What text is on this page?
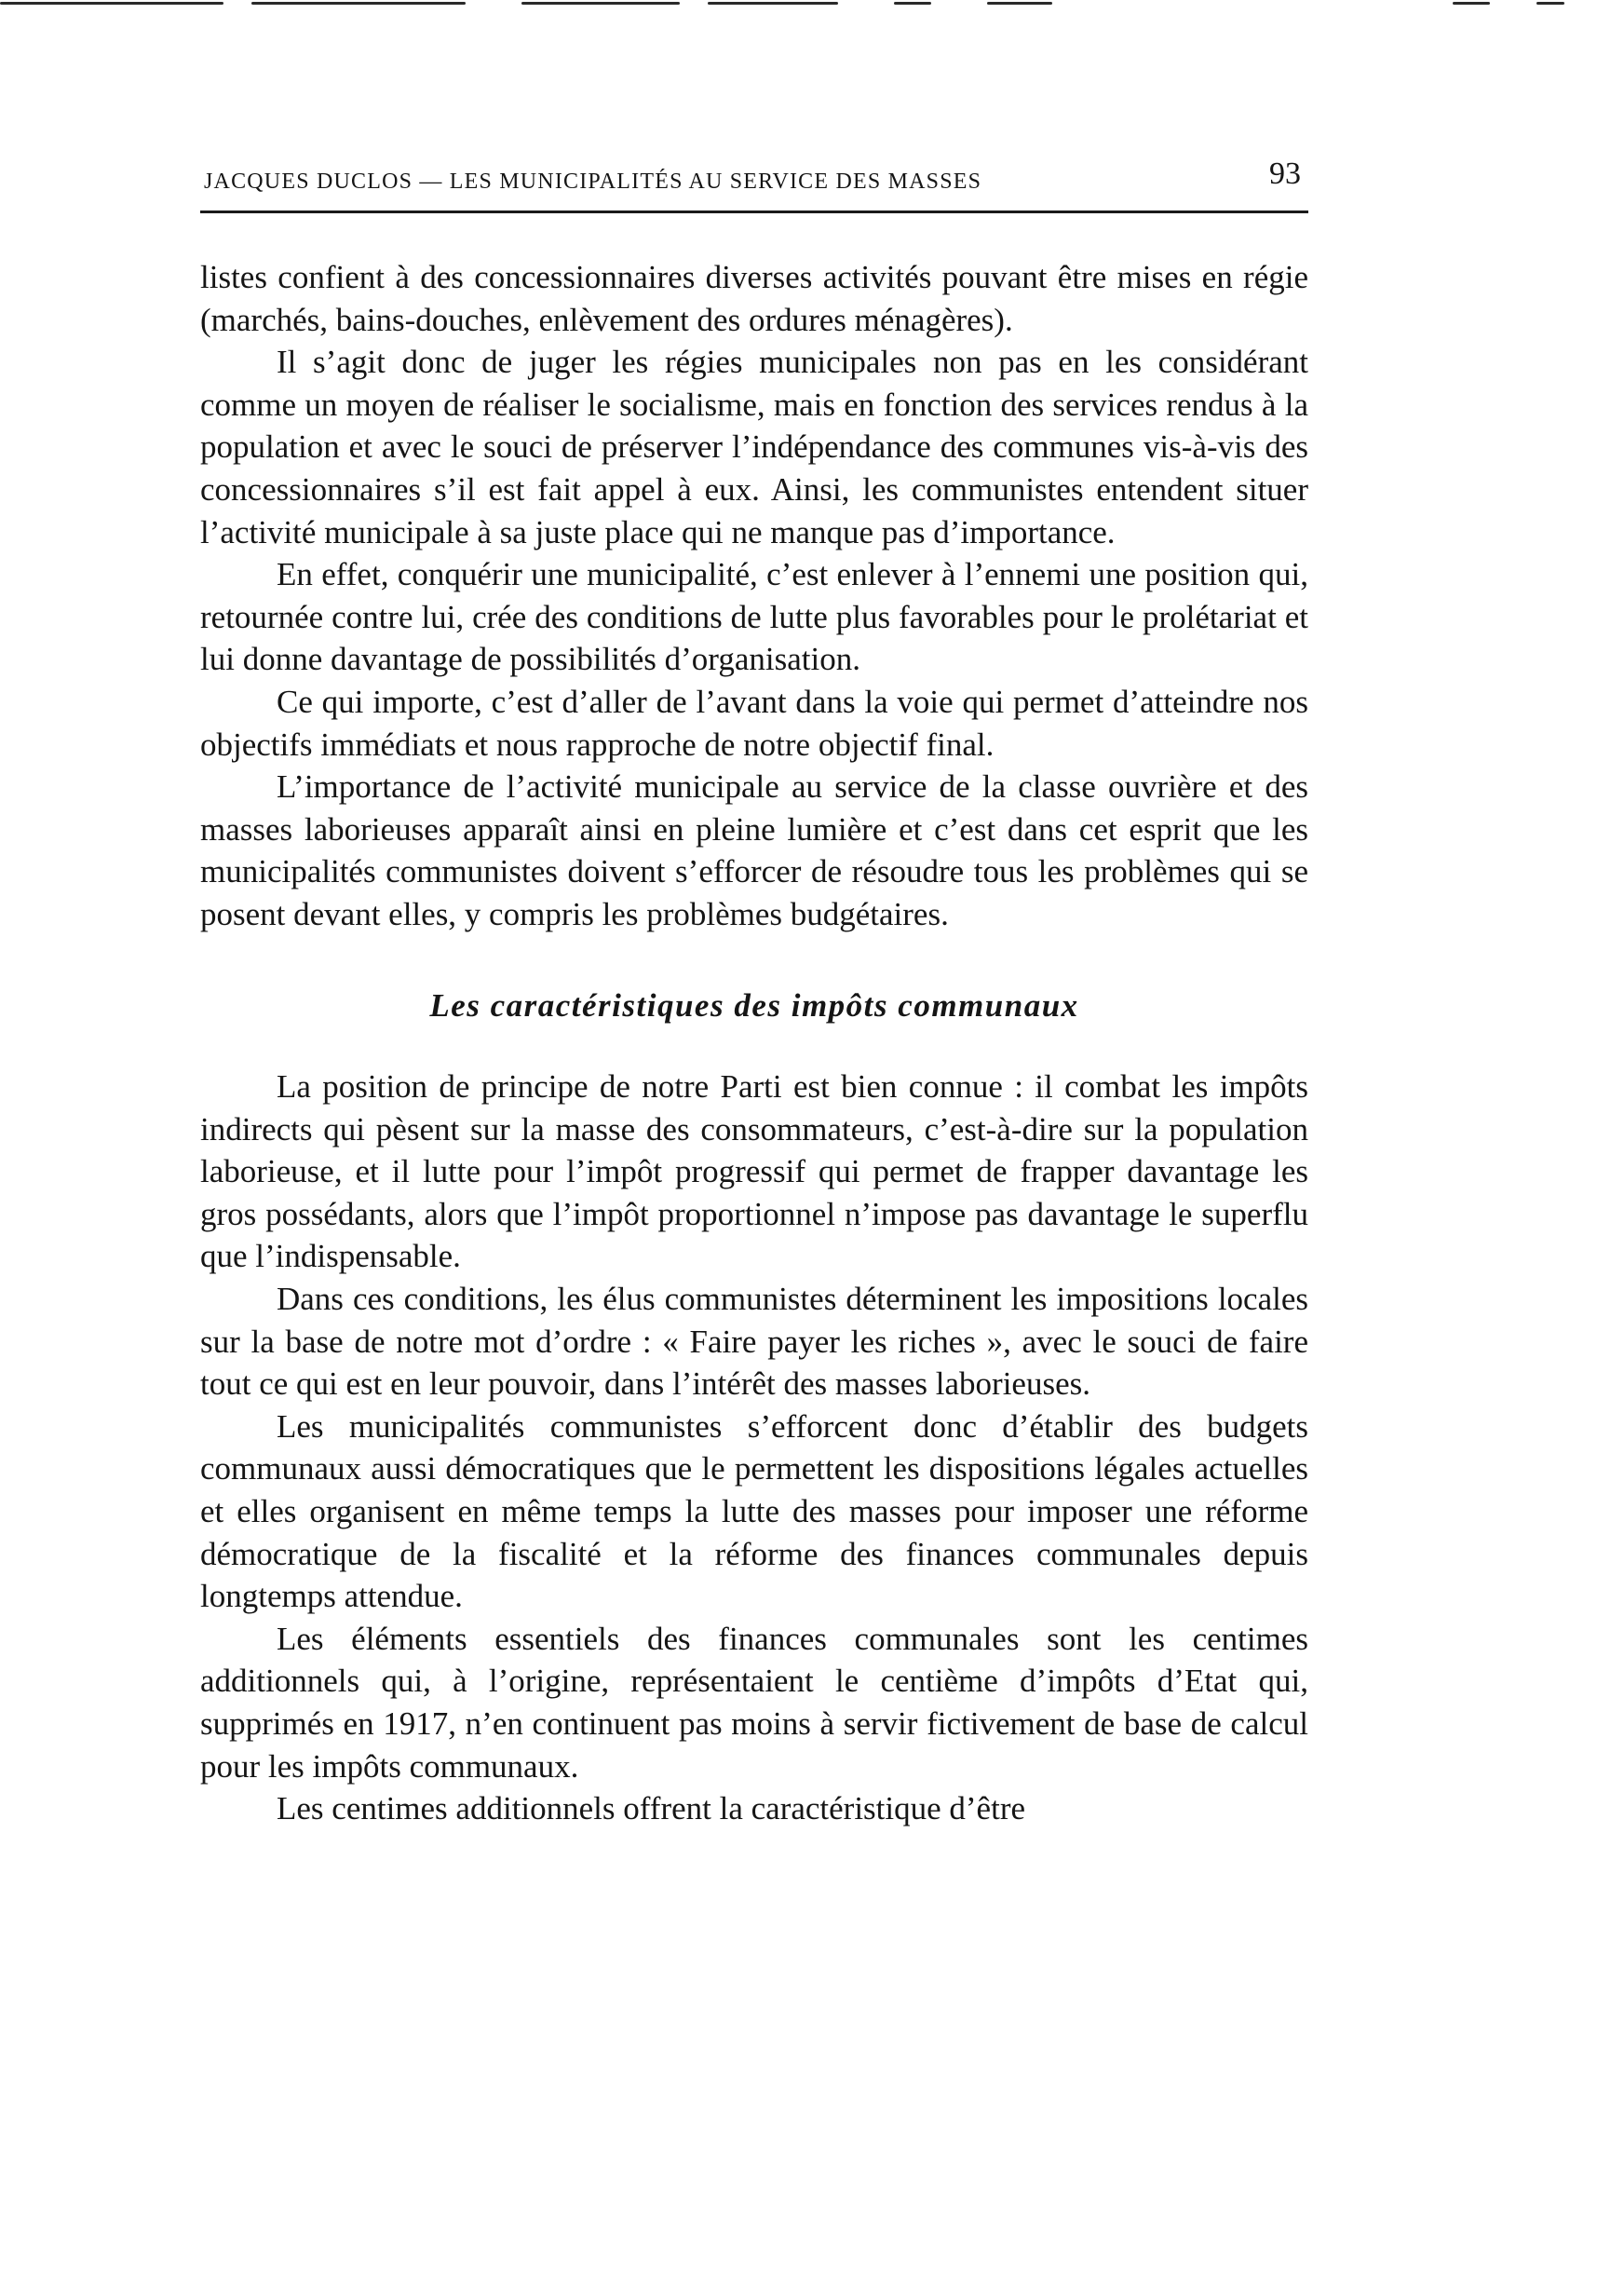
JACQUES DUCLOS — LES MUNICIPALITÉS AU SERVICE DES MASSES	93

listes confient à des concessionnaires diverses activités pouvant être mises en régie (marchés, bains-douches, enlèvement des ordures ménagères).

Il s’agit donc de juger les régies municipales non pas en les considérant comme un moyen de réaliser le socialisme, mais en fonction des services rendus à la population et avec le souci de préserver l’indépendance des communes vis-à-vis des concessionnaires s’il est fait appel à eux. Ainsi, les communistes entendent situer l’activité municipale à sa juste place qui ne manque pas d’importance.

En effet, conquérir une municipalité, c’est enlever à l’ennemi une position qui, retournée contre lui, crée des conditions de lutte plus favorables pour le prolétariat et lui donne davantage de possibilités d’organisation.

Ce qui importe, c’est d’aller de l’avant dans la voie qui permet d’atteindre nos objectifs immédiats et nous rapproche de notre objectif final.

L’importance de l’activité municipale au service de la classe ouvrière et des masses laborieuses apparaît ainsi en pleine lumière et c’est dans cet esprit que les municipalités communistes doivent s’efforcer de résoudre tous les problèmes qui se posent devant elles, y compris les problèmes budgétaires.

Les caractéristiques des impôts communaux

La position de principe de notre Parti est bien connue : il combat les impôts indirects qui pèsent sur la masse des consommateurs, c’est-à-dire sur la population laborieuse, et il lutte pour l’impôt progressif qui permet de frapper davantage les gros possédants, alors que l’impôt proportionnel n’impose pas davantage le superflu que l’indispensable.

Dans ces conditions, les élus communistes déterminent les impositions locales sur la base de notre mot d’ordre : « Faire payer les riches », avec le souci de faire tout ce qui est en leur pouvoir, dans l’intérêt des masses laborieuses.

Les municipalités communistes s’efforcent donc d’établir des budgets communaux aussi démocratiques que le permettent les dispositions légales actuelles et elles organisent en même temps la lutte des masses pour imposer une réforme démocratique de la fiscalité et la réforme des finances communales depuis longtemps attendue.

Les éléments essentiels des finances communales sont les centimes additionnels qui, à l’origine, représentaient le centième d’impôts d’Etat qui, supprimés en 1917, n’en continuent pas moins à servir fictivement de base de calcul pour les impôts communaux.

Les centimes additionnels offrent la caractéristique d’être
